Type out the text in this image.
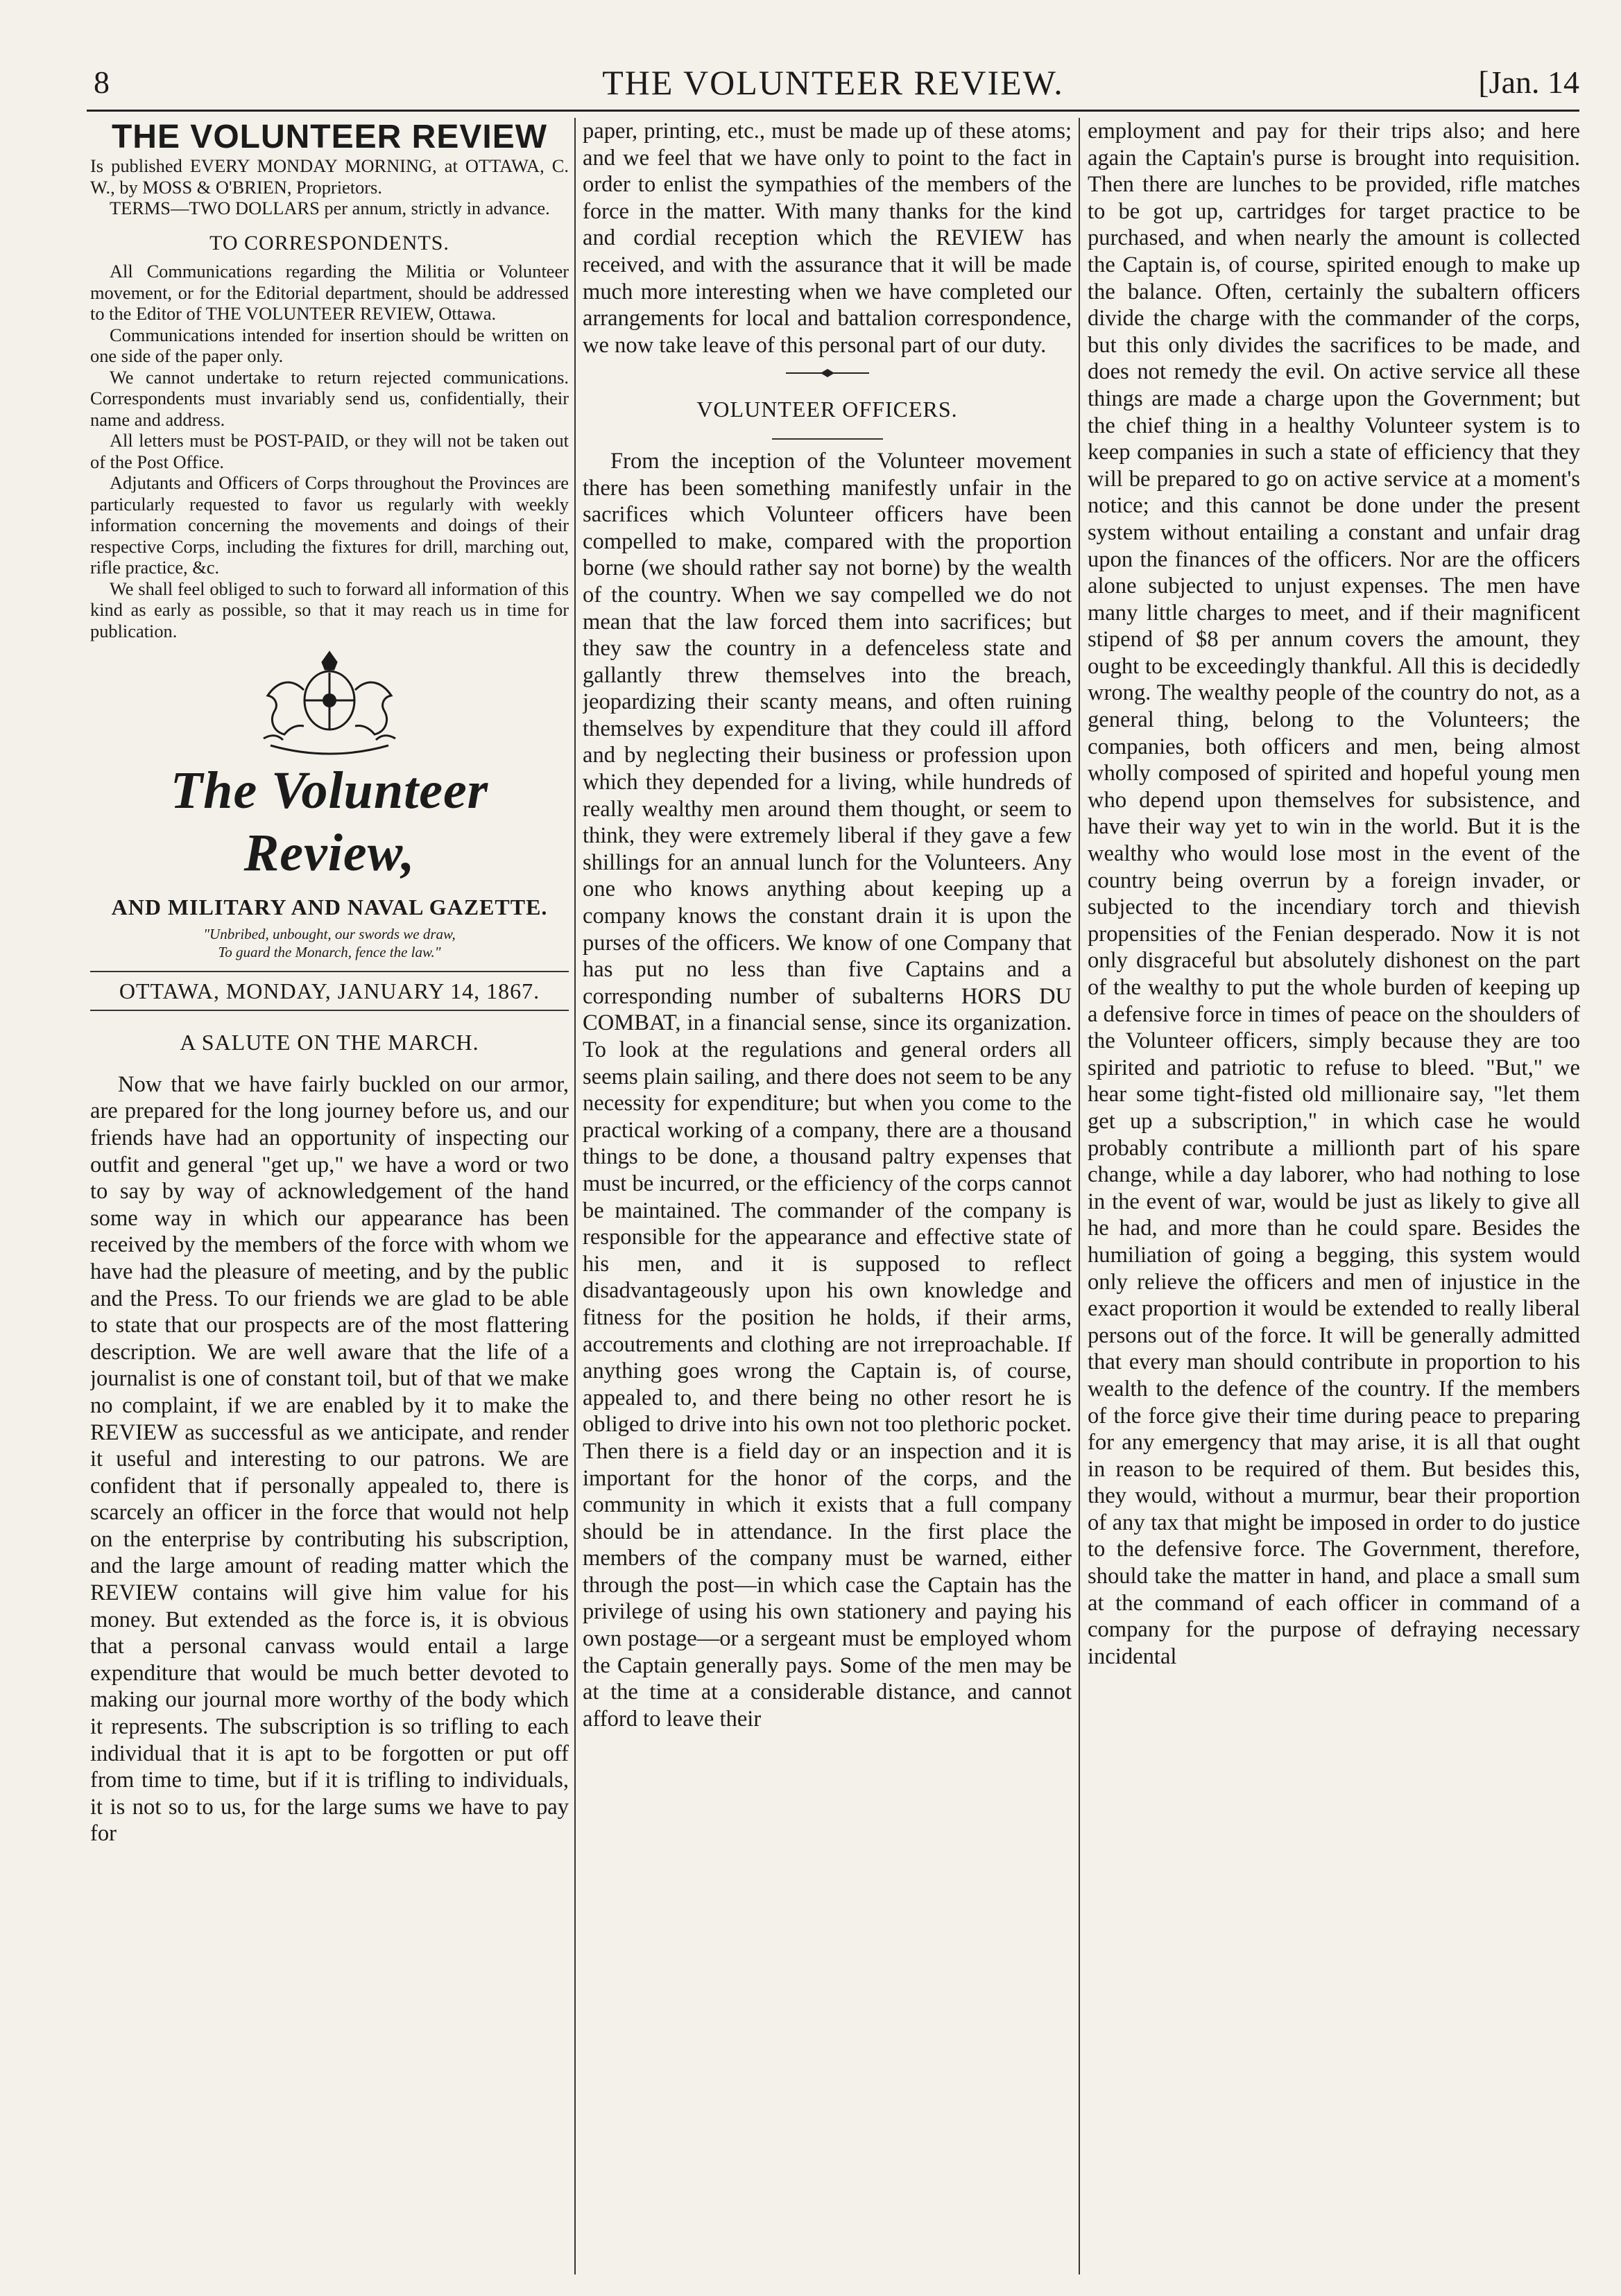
8	THE VOLUNTEER REVIEW.	[Jan. 14
THE VOLUNTEER REVIEW

Is published EVERY MONDAY MORNING, at OTTAWA, C. W., by MOSS & O'BRIEN, Proprietors.

TERMS—TWO DOLLARS per annum, strictly in advance.

TO CORRESPONDENTS.

All Communications regarding the Militia or Volunteer movement, or for the Editorial department, should be addressed to the Editor of THE VOLUNTEER REVIEW, Ottawa.

Communications intended for insertion should be written on one side of the paper only.

We cannot undertake to return rejected communications. Correspondents must invariably send us, confidentially, their name and address.

All letters must be POST-PAID, or they will not be taken out of the Post Office.

Adjutants and Officers of Corps throughout the Provinces are particularly requested to favor us regularly with weekly information concerning the movements and doings of their respective Corps, including the fixtures for drill, marching out, rifle practice, &c.

We shall feel obliged to such to forward all information of this kind as early as possible, so that it may reach us in time for publication.

The Volunteer Review,
AND MILITARY AND NAVAL GAZETTE.
"Unbribed, unbought, our swords we draw,
To guard the Monarch, fence the law."
OTTAWA, MONDAY, JANUARY 14, 1867.
A SALUTE ON THE MARCH.

Now that we have fairly buckled on our armor, are prepared for the long journey before us, and our friends have had an opportunity of inspecting our outfit and general "get up," we have a word or two to say by way of acknowledgement of the hand some way in which our appearance has been received by the members of the force with whom we have had the pleasure of meeting, and by the public and the Press. To our friends we are glad to be able to state that our prospects are of the most flattering description. We are well aware that the life of a journalist is one of constant toil, but of that we make no complaint, if we are enabled by it to make the REVIEW as successful as we anticipate, and render it useful and interesting to our patrons. We are confident that if personally appealed to, there is scarcely an officer in the force that would not help on the enterprise by contributing his subscription, and the large amount of reading matter which the REVIEW contains will give him value for his money. But extended as the force is, it is obvious that a personal canvass would entail a large expenditure that would be much better devoted to making our journal more worthy of the body which it represents. The subscription is so trifling to each individual that it is apt to be forgotten or put off from time to time, but if it is trifling to individuals, it is not so to us, for the large sums we have to pay for

paper, printing, etc., must be made up of these atoms; and we feel that we have only to point to the fact in order to enlist the sympathies of the members of the force in the matter. With many thanks for the kind and cordial reception which the REVIEW has received, and with the assurance that it will be made much more interesting when we have completed our arrangements for local and battalion correspondence, we now take leave of this personal part of our duty.

VOLUNTEER OFFICERS.

From the inception of the Volunteer movement there has been something manifestly unfair in the sacrifices which Volunteer officers have been compelled to make, compared with the proportion borne (we should rather say not borne) by the wealth of the country. When we say compelled we do not mean that the law forced them into sacrifices; but they saw the country in a defenceless state and gallantly threw themselves into the breach, jeopardizing their scanty means, and often ruining themselves by expenditure that they could ill afford and by neglecting their business or profession upon which they depended for a living, while hundreds of really wealthy men around them thought, or seem to think, they were extremely liberal if they gave a few shillings for an annual lunch for the Volunteers. Any one who knows anything about keeping up a company knows the constant drain it is upon the purses of the officers. We know of one Company that has put no less than five Captains and a corresponding number of subalterns HORS DU COMBAT, in a financial sense, since its organization. To look at the regulations and general orders all seems plain sailing, and there does not seem to be any necessity for expenditure; but when you come to the practical working of a company, there are a thousand things to be done, a thousand paltry expenses that must be incurred, or the efficiency of the corps cannot be maintained. The commander of the company is responsible for the appearance and effective state of his men, and it is supposed to reflect disadvantageously upon his own knowledge and fitness for the position he holds, if their arms, accoutrements and clothing are not irreproachable. If anything goes wrong the Captain is, of course, appealed to, and there being no other resort he is obliged to drive into his own not too plethoric pocket. Then there is a field day or an inspection and it is important for the honor of the corps, and the community in which it exists that a full company should be in attendance. In the first place the members of the company must be warned, either through the post—in which case the Captain has the privilege of using his own stationery and paying his own postage—or a sergeant must be employed whom the Captain generally pays. Some of the men may be at the time at a considerable distance, and cannot afford to leave their

employment and pay for their trips also; and here again the Captain's purse is brought into requisition. Then there are lunches to be provided, rifle matches to be got up, cartridges for target practice to be purchased, and when nearly the amount is collected the Captain is, of course, spirited enough to make up the balance. Often, certainly the subaltern officers divide the charge with the commander of the corps, but this only divides the sacrifices to be made, and does not remedy the evil. On active service all these things are made a charge upon the Government; but the chief thing in a healthy Volunteer system is to keep companies in such a state of efficiency that they will be prepared to go on active service at a moment's notice; and this cannot be done under the present system without entailing a constant and unfair drag upon the finances of the officers. Nor are the officers alone subjected to unjust expenses. The men have many little charges to meet, and if their magnificent stipend of $8 per annum covers the amount, they ought to be exceedingly thankful. All this is decidedly wrong. The wealthy people of the country do not, as a general thing, belong to the Volunteers; the companies, both officers and men, being almost wholly composed of spirited and hopeful young men who depend upon themselves for subsistence, and have their way yet to win in the world. But it is the wealthy who would lose most in the event of the country being overrun by a foreign invader, or subjected to the incendiary torch and thievish propensities of the Fenian desperado. Now it is not only disgraceful but absolutely dishonest on the part of the wealthy to put the whole burden of keeping up a defensive force in times of peace on the shoulders of the Volunteer officers, simply because they are too spirited and patriotic to refuse to bleed. "But," we hear some tight-fisted old millionaire say, "let them get up a subscription," in which case he would probably contribute a millionth part of his spare change, while a day laborer, who had nothing to lose in the event of war, would be just as likely to give all he had, and more than he could spare. Besides the humiliation of going a begging, this system would only relieve the officers and men of injustice in the exact proportion it would be extended to really liberal persons out of the force. It will be generally admitted that every man should contribute in proportion to his wealth to the defence of the country. If the members of the force give their time during peace to preparing for any emergency that may arise, it is all that ought in reason to be required of them. But besides this, they would, without a murmur, bear their proportion of any tax that might be imposed in order to do justice to the defensive force. The Government, therefore, should take the matter in hand, and place a small sum at the command of each officer in command of a company for the purpose of defraying necessary incidental
